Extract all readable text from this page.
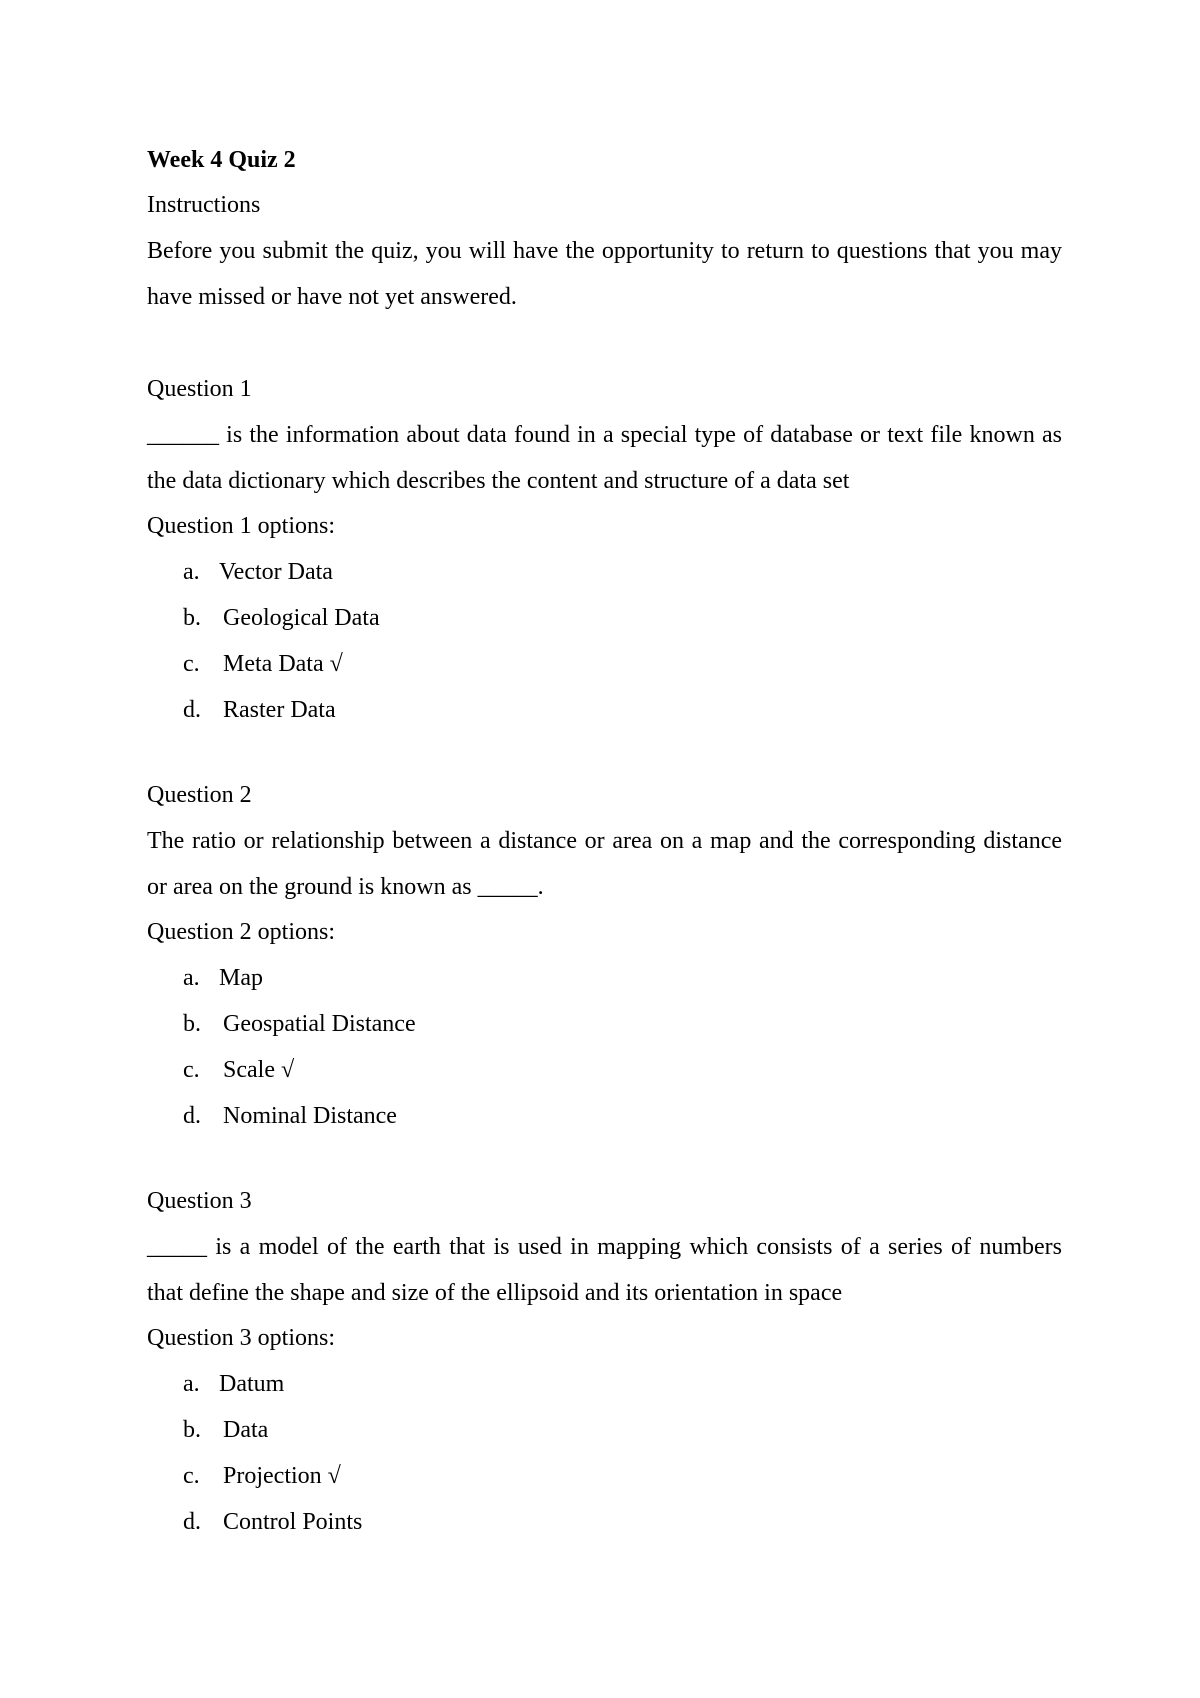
Week 4 Quiz 2
Instructions
Before you submit the quiz, you will have the opportunity to return to questions that you may have missed or have not yet answered.
Question 1
______ is the information about data found in a special type of database or text file known as the data dictionary which describes the content and structure of a data set
Question 1 options:
a. Vector Data
b. Geological Data
c. Meta Data √
d. Raster Data
Question 2
The ratio or relationship between a distance or area on a map and the corresponding distance or area on the ground is known as _____.
Question 2 options:
a. Map
b. Geospatial Distance
c. Scale √
d. Nominal Distance
Question 3
_____ is a model of the earth that is used in mapping which consists of a series of numbers that define the shape and size of the ellipsoid and its orientation in space
Question 3 options:
a. Datum
b. Data
c. Projection √
d. Control Points
